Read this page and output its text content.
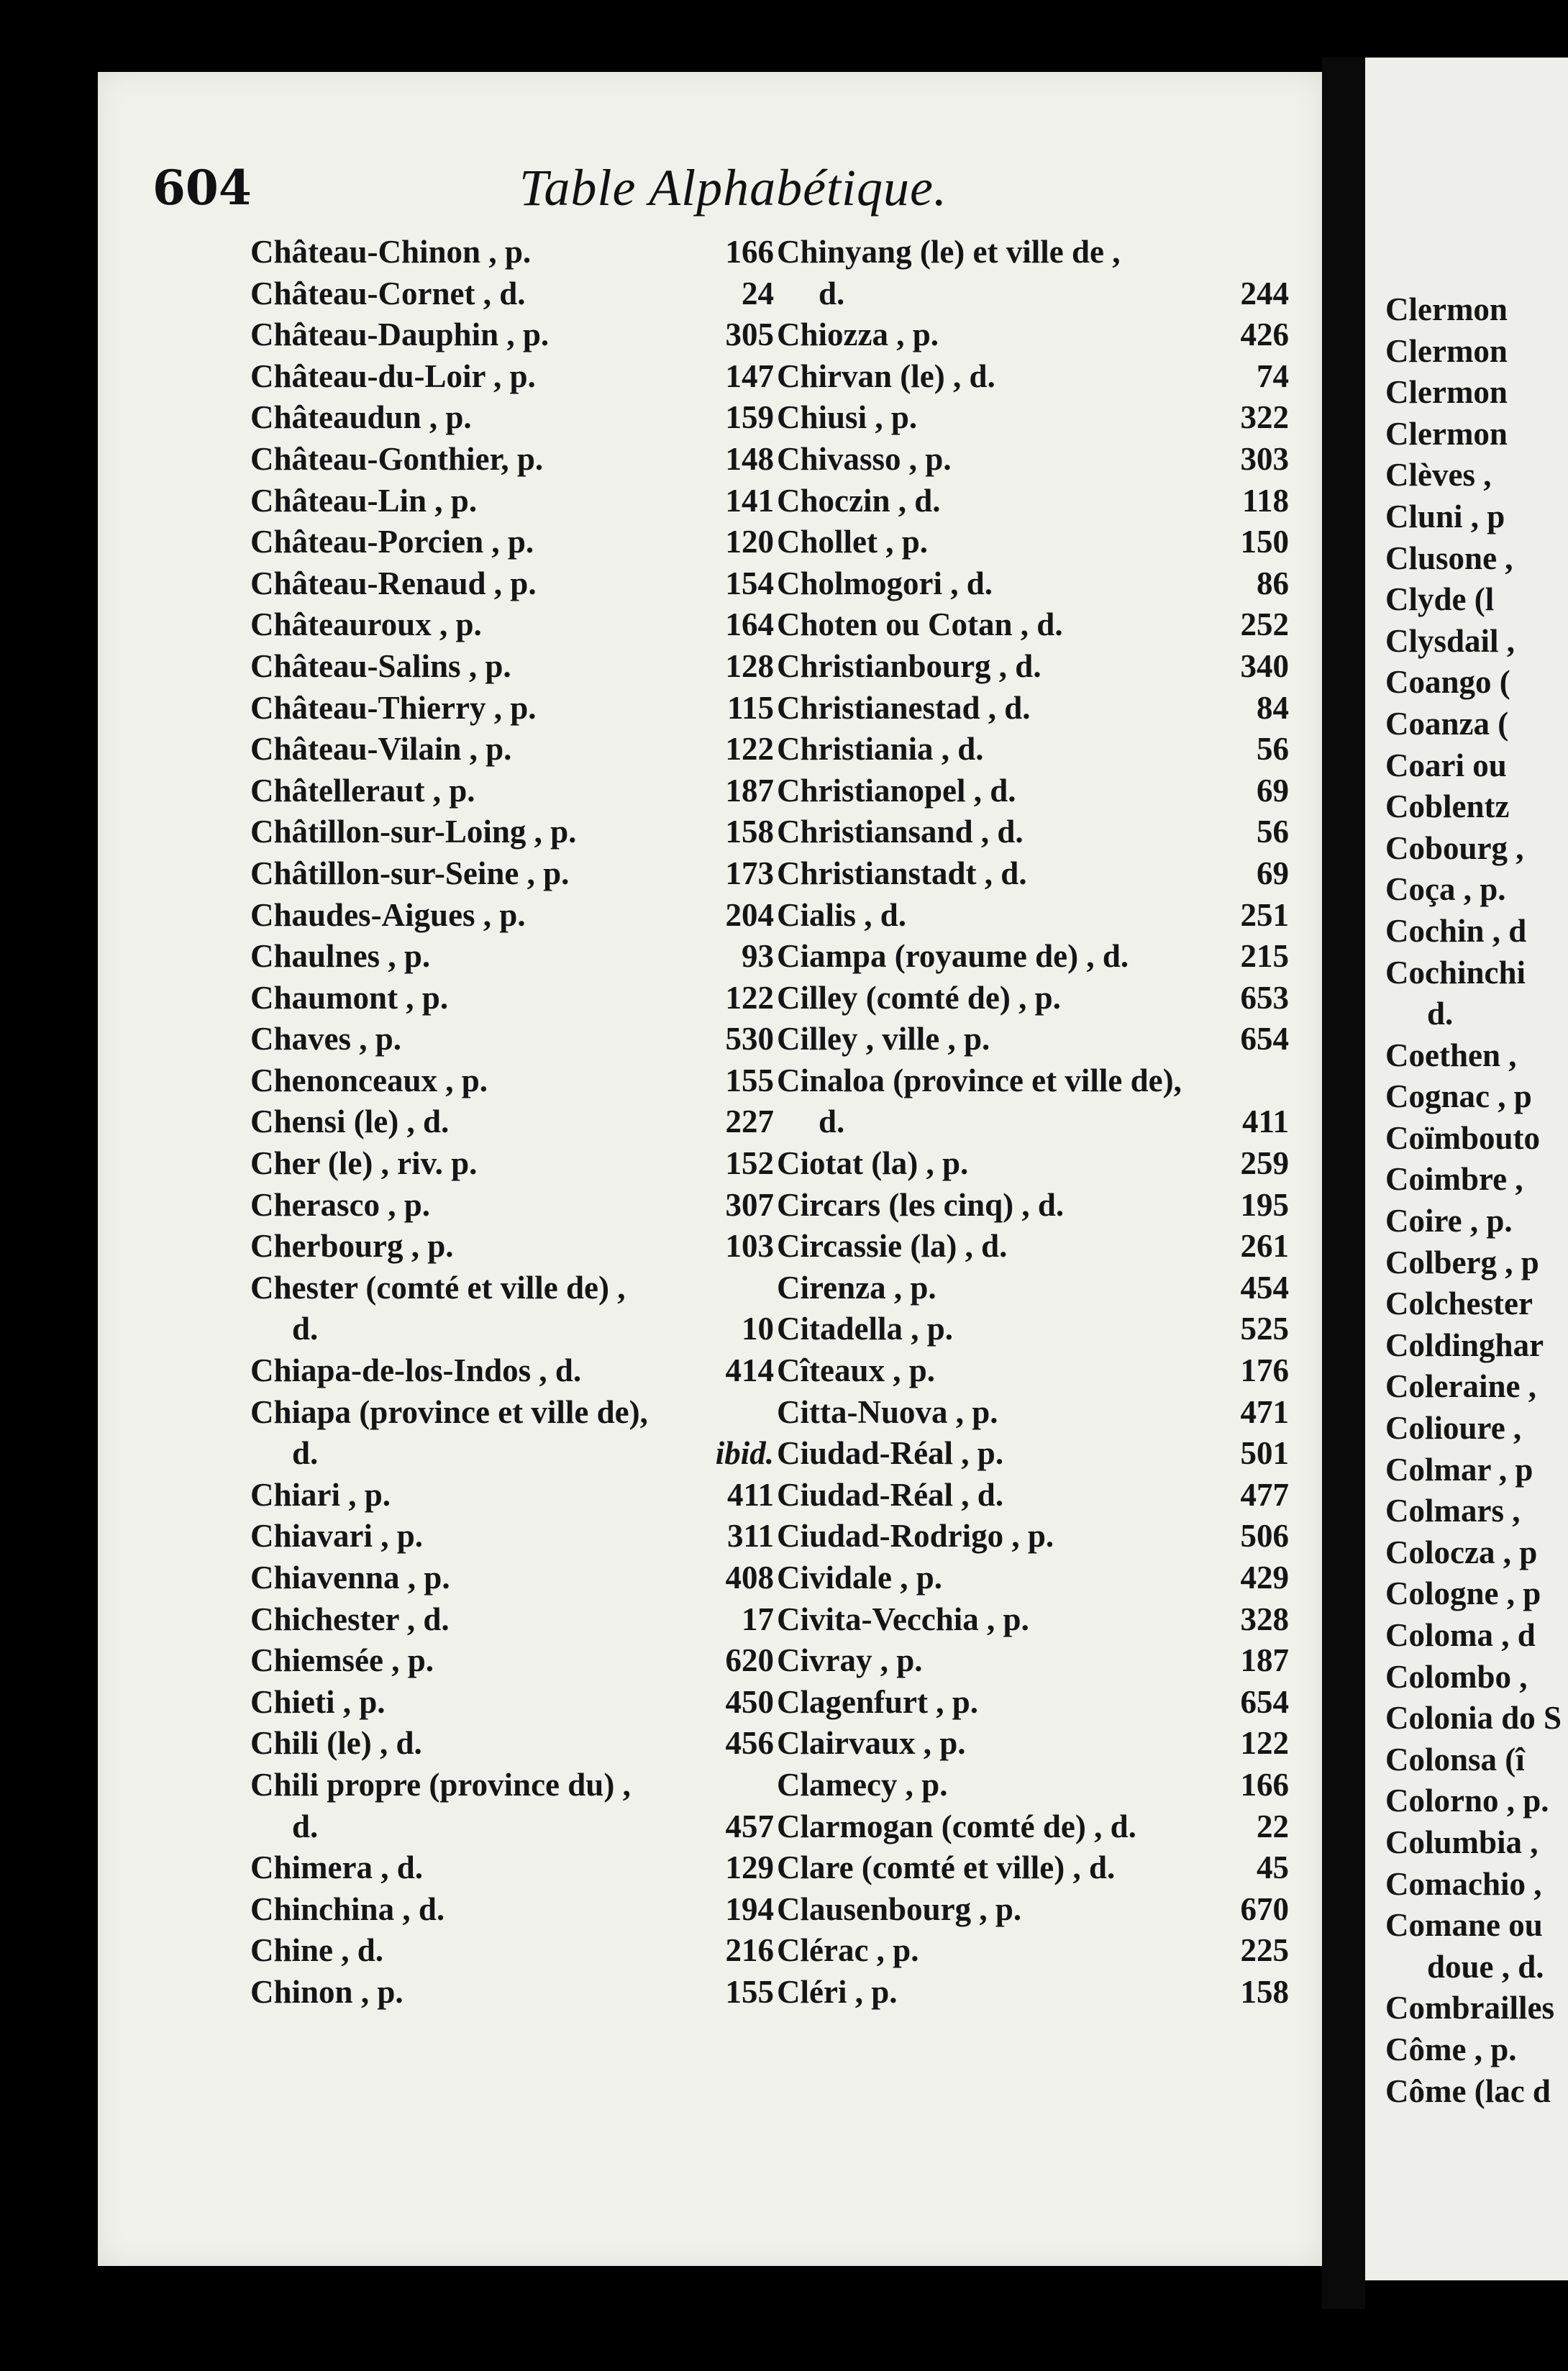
Clermon
Clermon
Clermon
Clermon
Clèves ,
Cluni , p
Clusone ,
Clyde (l
Clysdail ,
Coango (
Coanza (
Coari ou
Coblentz
Cobourg ,
Coça , p.
Cochin , d
Cochinchi
d.
Coethen ,
Cognac , p
Coïmbouto
Coimbre ,
Coire , p.
Colberg , p
Colchester
Coldinghar
Coleraine ,
Colioure ,
Colmar , p
Colmars ,
Colocza , p
Cologne , p
Coloma , d
Colombo ,
Colonia do S
Colonsa (î
Colorno , p.
Columbia ,
Comachio ,
Comane ou
doue , d.
Combrailles
Côme , p.
Côme (lac d
604	Table Alphabétique.
Château-Chinon , p.	166
Château-Cornet , d.	24
Château-Dauphin , p.	305
Château-du-Loir , p.	147
Châteaudun , p.	159
Château-Gonthier, p.	148
Château-Lin , p.	141
Château-Porcien , p.	120
Château-Renaud , p.	154
Châteauroux , p.	164
Château-Salins , p.	128
Château-Thierry , p.	115
Château-Vilain , p.	122
Châtelleraut , p.	187
Châtillon-sur-Loing , p.	158
Châtillon-sur-Seine , p.	173
Chaudes-Aigues , p.	204
Chaulnes , p.	93
Chaumont , p.	122
Chaves , p.	530
Chenonceaux , p.	155
Chensi (le) , d.	227
Cher (le) , riv. p.	152
Cherasco , p.	307
Cherbourg , p.	103
Chester (comté et ville de) ,
d.	10
Chiapa-de-los-Indos , d.	414
Chiapa (province et ville de),
d.	ibid.
Chiari , p.	411
Chiavari , p.	311
Chiavenna , p.	408
Chichester , d.	17
Chiemsée , p.	620
Chieti , p.	450
Chili (le) , d.	456
Chili propre (province du) ,
d.	457
Chimera , d.	129
Chinchina , d.	194
Chine , d.	216
Chinon , p.	155
Chinyang (le) et ville de ,
d.	244
Chiozza , p.	426
Chirvan (le) , d.	74
Chiusi , p.	322
Chivasso , p.	303
Choczin , d.	118
Chollet , p.	150
Cholmogori , d.	86
Choten ou Cotan , d.	252
Christianbourg , d.	340
Christianestad , d.	84
Christiania , d.	56
Christianopel , d.	69
Christiansand , d.	56
Christianstadt , d.	69
Cialis , d.	251
Ciampa (royaume de) , d.	215
Cilley (comté de) , p.	653
Cilley , ville , p.	654
Cinaloa (province et ville de),
d.	411
Ciotat (la) , p.	259
Circars (les cinq) , d.	195
Circassie (la) , d.	261
Cirenza , p.	454
Citadella , p.	525
Cîteaux , p.	176
Citta-Nuova , p.	471
Ciudad-Réal , p.	501
Ciudad-Réal , d.	477
Ciudad-Rodrigo , p.	506
Cividale , p.	429
Civita-Vecchia , p.	328
Civray , p.	187
Clagenfurt , p.	654
Clairvaux , p.	122
Clamecy , p.	166
Clarmogan (comté de) , d.	22
Clare (comté et ville) , d.	45
Clausenbourg , p.	670
Clérac , p.	225
Cléri , p.	158
